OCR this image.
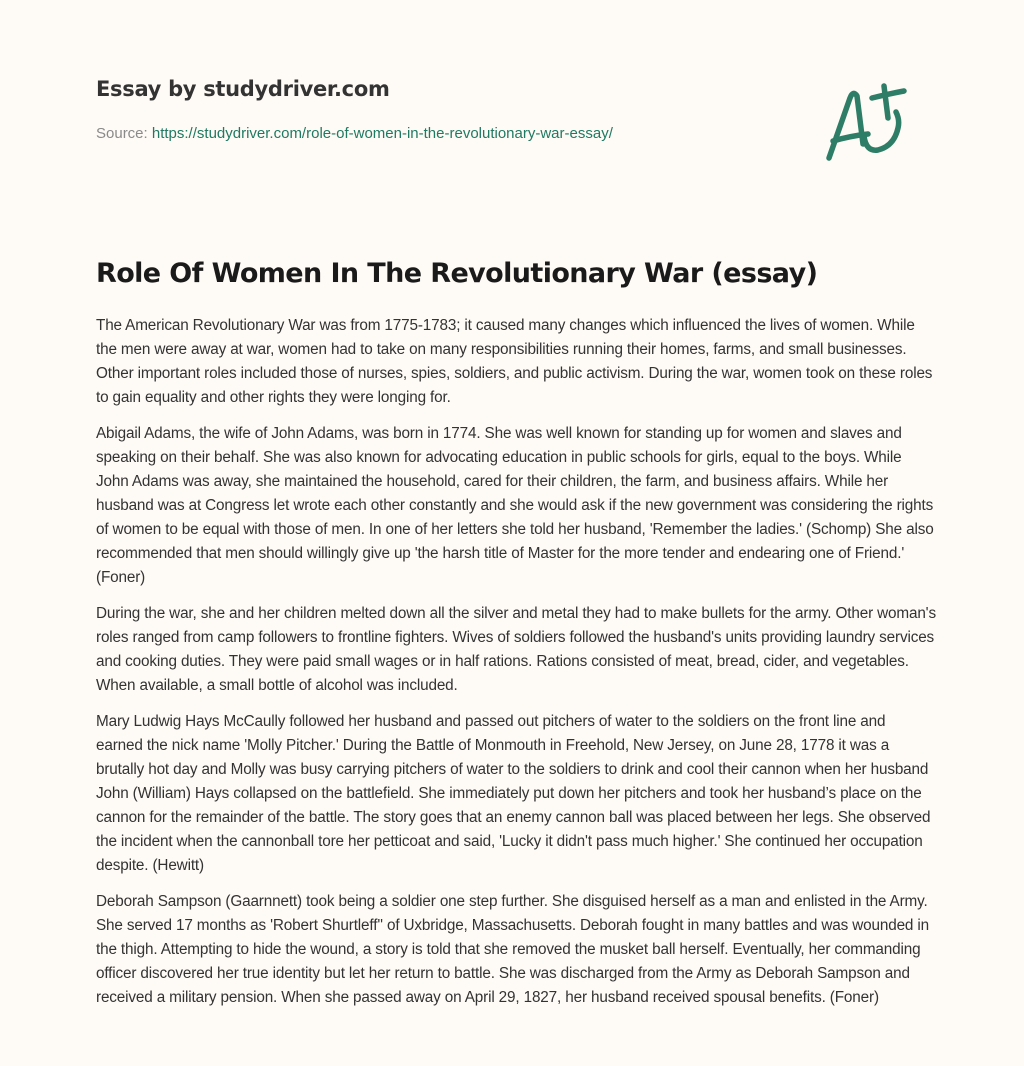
Essay by studydriver.com
Source: https://studydriver.com/role-of-women-in-the-revolutionary-war-essay/
Role Of Women In The Revolutionary War (essay)

The American Revolutionary War was from 1775-1783; it caused many changes which influenced the lives of women. While the men were away at war, women had to take on many responsibilities running their homes, farms, and small businesses. Other important roles included those of nurses, spies, soldiers, and public activism. During the war, women took on these roles to gain equality and other rights they were longing for.

Abigail Adams, the wife of John Adams, was born in 1774. She was well known for standing up for women and slaves and speaking on their behalf. She was also known for advocating education in public schools for girls, equal to the boys. While John Adams was away, she maintained the household, cared for their children, the farm, and business affairs. While her husband was at Congress let wrote each other constantly and she would ask if the new government was considering the rights of women to be equal with those of men. In one of her letters she told her husband, 'Remember the ladies.' (Schomp) She also recommended that men should willingly give up 'the harsh title of Master for the more tender and endearing one of Friend.' (Foner)

During the war, she and her children melted down all the silver and metal they had to make bullets for the army. Other woman's roles ranged from camp followers to frontline fighters. Wives of soldiers followed the husband's units providing laundry services and cooking duties. They were paid small wages or in half rations. Rations consisted of meat, bread, cider, and vegetables. When available, a small bottle of alcohol was included.

Mary Ludwig Hays McCaully followed her husband and passed out pitchers of water to the soldiers on the front line and earned the nick name 'Molly Pitcher.' During the Battle of Monmouth in Freehold, New Jersey, on June 28, 1778 it was a brutally hot day and Molly was busy carrying pitchers of water to the soldiers to drink and cool their cannon when her husband John (William) Hays collapsed on the battlefield. She immediately put down her pitchers and took her husband’s place on the cannon for the remainder of the battle. The story goes that an enemy cannon ball was placed between her legs. She observed the incident when the cannonball tore her petticoat and said, 'Lucky it didn't pass much higher.' She continued her occupation despite. (Hewitt)

Deborah Sampson (Gaarnnett) took being a soldier one step further. She disguised herself as a man and enlisted in the Army. She served 17 months as 'Robert Shurtleff'' of Uxbridge, Massachusetts. Deborah fought in many battles and was wounded in the thigh. Attempting to hide the wound, a story is told that she removed the musket ball herself. Eventually, her commanding officer discovered her true identity but let her return to battle. She was discharged from the Army as Deborah Sampson and received a military pension. When she passed away on April 29, 1827, her husband received spousal benefits. (Foner)
